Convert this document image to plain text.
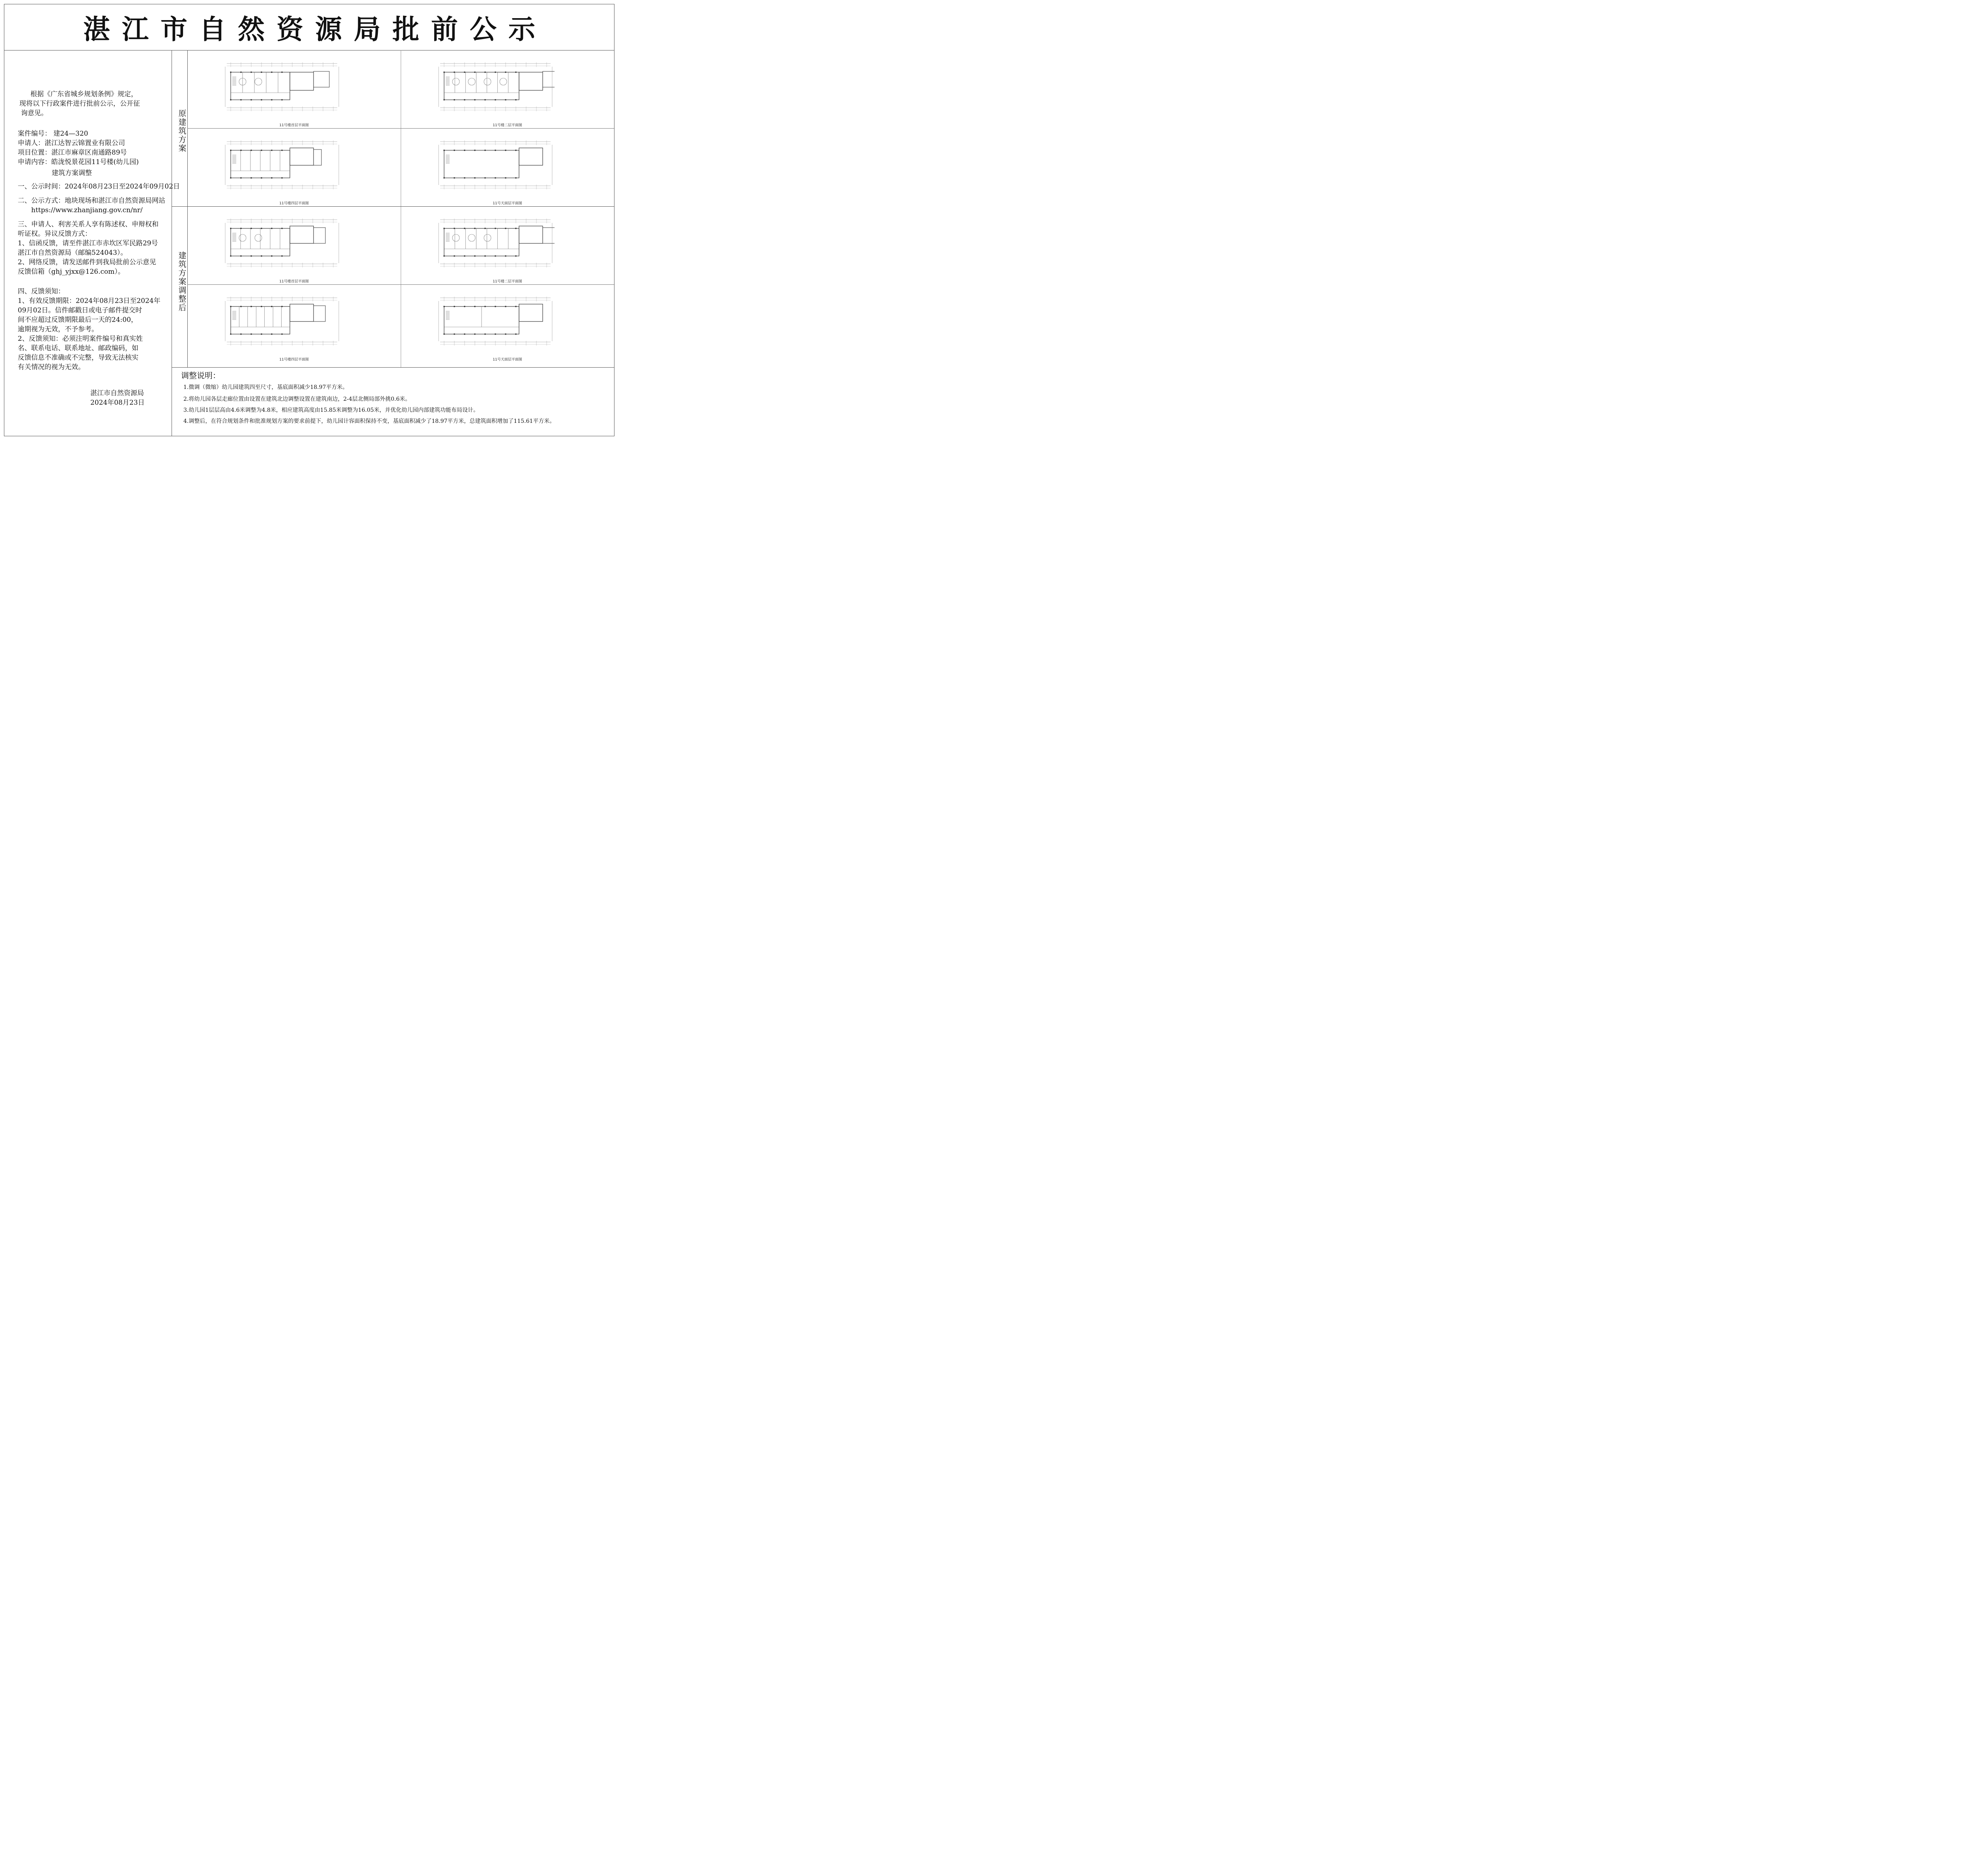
湛江市自然资源局批前公示
根据《广东省城乡规划条例》规定，
现将以下行政案件进行批前公示，公开征
询意见。
案件编号： 建24—320
申请人：湛江达智云锦置业有限公司
项目位置：湛江市麻章区南通路89号
申请内容：皓泷悦景花园11号楼(幼儿园)
建筑方案调整
一、公示时间：2024年08月23日至2024年09月02日
二、公示方式：地块现场和湛江市自然资源局网站
https://www.zhanjiang.gov.cn/nr/
三、申请人、利害关系人享有陈述权、申辩权和
听证权。异议反馈方式：
1、信函反馈，请至件湛江市赤坎区军民路29号
湛江市自然资源局（邮编524043）。
2、网络反馈，请发送邮件到我局批前公示意见
反馈信箱（ghj_yjxx@126.com）。
四、反馈须知：
1、有效反馈期限：2024年08月23日至2024年
09月02日。信件邮戳日或电子邮件提交时
间不应超过反馈期限最后一天的24:00，
逾期视为无效，不予参考。
2、反馈须知：必须注明案件编号和真实姓
名、联系电话、联系地址、邮政编码，如
反馈信息不准确或不完整，导致无法核实
有关情况的视为无效。
湛江市自然资源局
2024年08月23日
原建筑方案
建筑方案调整后
11号楼首层平面图	11号楼二层平面图
11号楼四层平面图	11号天面层平面图
11号楼首层平面图	11号楼二层平面图
11号楼四层平面图	11号天面层平面图
调整说明：
1.微调（微缩）幼儿园建筑四至尺寸，基底面积减少18.97平方米。
2.将幼儿园各层走廊位置由设置在建筑北边调整设置在建筑南边，2-4层北侧局部外挑0.6米。
3.幼儿园1层层高由4.6米调整为4.8米，相应建筑高度由15.85米调整为16.05米，并优化幼儿园内部建筑功能布局设计。
4.调整后，在符合规划条件和批准规划方案的要求前提下，幼儿园计容面积保持不变，基底面积减少了18.97平方米，总建筑面积增加了115.61平方米。
